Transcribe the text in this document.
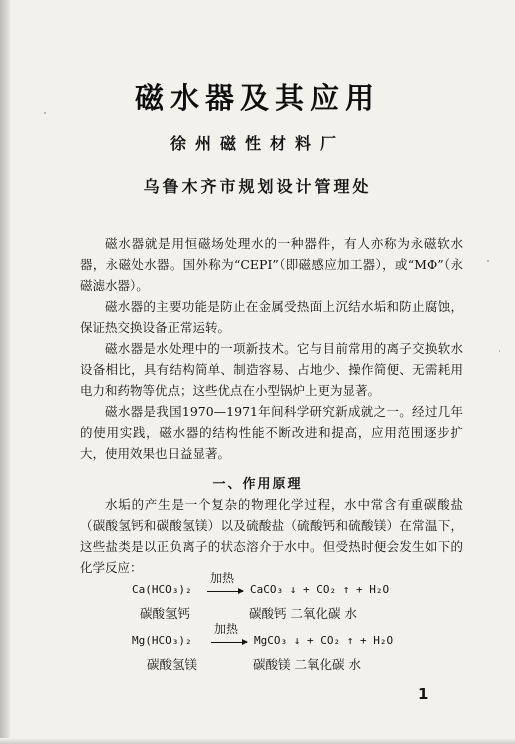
磁水器及其应用
徐州磁性材料厂
乌鲁木齐市规划设计管理处

磁水器就是用恒磁场处理水的一种器件，有人亦称为永磁软水器，永磁处水器。国外称为“CEPI”（即磁感应加工器），或“MΦ”（永磁滤水器）。

磁水器的主要功能是防止在金属受热面上沉结水垢和防止腐蚀，保证热交换设备正常运转。

磁水器是水处理中的一项新技术。它与目前常用的离子交换软水设备相比，具有结构简单、制造容易、占地少、操作简便、无需耗用电力和药物等优点；这些优点在小型锅炉上更为显著。

磁水器是我国1970—1971年间科学研究新成就之一。经过几年的使用实践，磁水器的结构性能不断改进和提高，应用范围逐步扩大，使用效果也日益显著。

一、作用原理

水垢的产生是一个复杂的物理化学过程，水中常含有重碳酸盐（碳酸氢钙和碳酸氢镁）以及硫酸盐（硫酸钙和硫酸镁）在常温下，这些盐类是以正负离子的状态溶介于水中。但受热时便会发生如下的化学反应：

Ca(HCO₃)₂
加热
→ CaCO₃ ↓ + CO₂ ↑ + H₂O
碳酸氢钙	碳酸钙 二氧化碳 水
Mg(HCO₃)₂
加热
→ MgCO₃ ↓ + CO₂ ↑ + H₂O
碳酸氢镁	碳酸镁 二氧化碳 水
1
